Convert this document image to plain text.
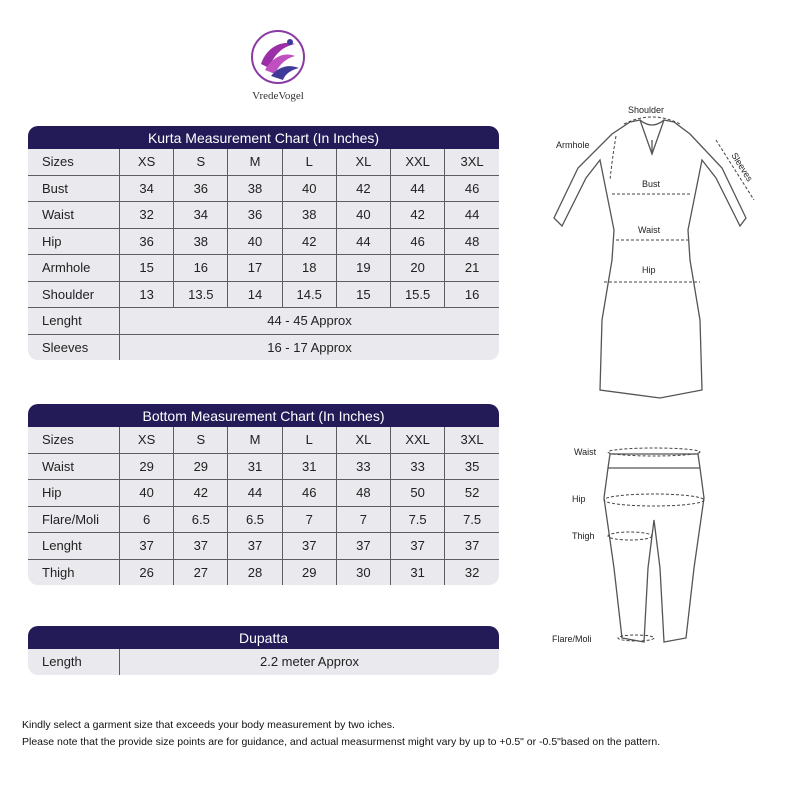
VredeVogel
Kurta Measurement Chart (In Inches)
Sizes	XS	S	M	L	XL	XXL	3XL
Bust	34	36	38	40	42	44	46
Waist	32	34	36	38	40	42	44
Hip	36	38	40	42	44	46	48
Armhole	15	16	17	18	19	20	21
Shoulder	13	13.5	14	14.5	15	15.5	16
Lenght	44 - 45 Approx						
Sleeves	16 - 17 Approx						
Bottom Measurement Chart (In Inches)
Sizes	XS	S	M	L	XL	XXL	3XL
Waist	29	29	31	31	33	33	35
Hip	40	42	44	46	48	50	52
Flare/Moli	6	6.5	6.5	7	7	7.5	7.5
Lenght	37	37	37	37	37	37	37
Thigh	26	27	28	29	30	31	32
Dupatta
Length	2.2 meter Approx
Shoulder
Armhole
Sleeves
Bust
Waist
Hip
Waist
Hip
Thigh
Flare/Moli
Kindly select a garment size that exceeds your body measurement by two iches.
Please note that the provide size points are for guidance, and actual measurmenst might vary by up to +0.5" or -0.5"based on the pattern.
